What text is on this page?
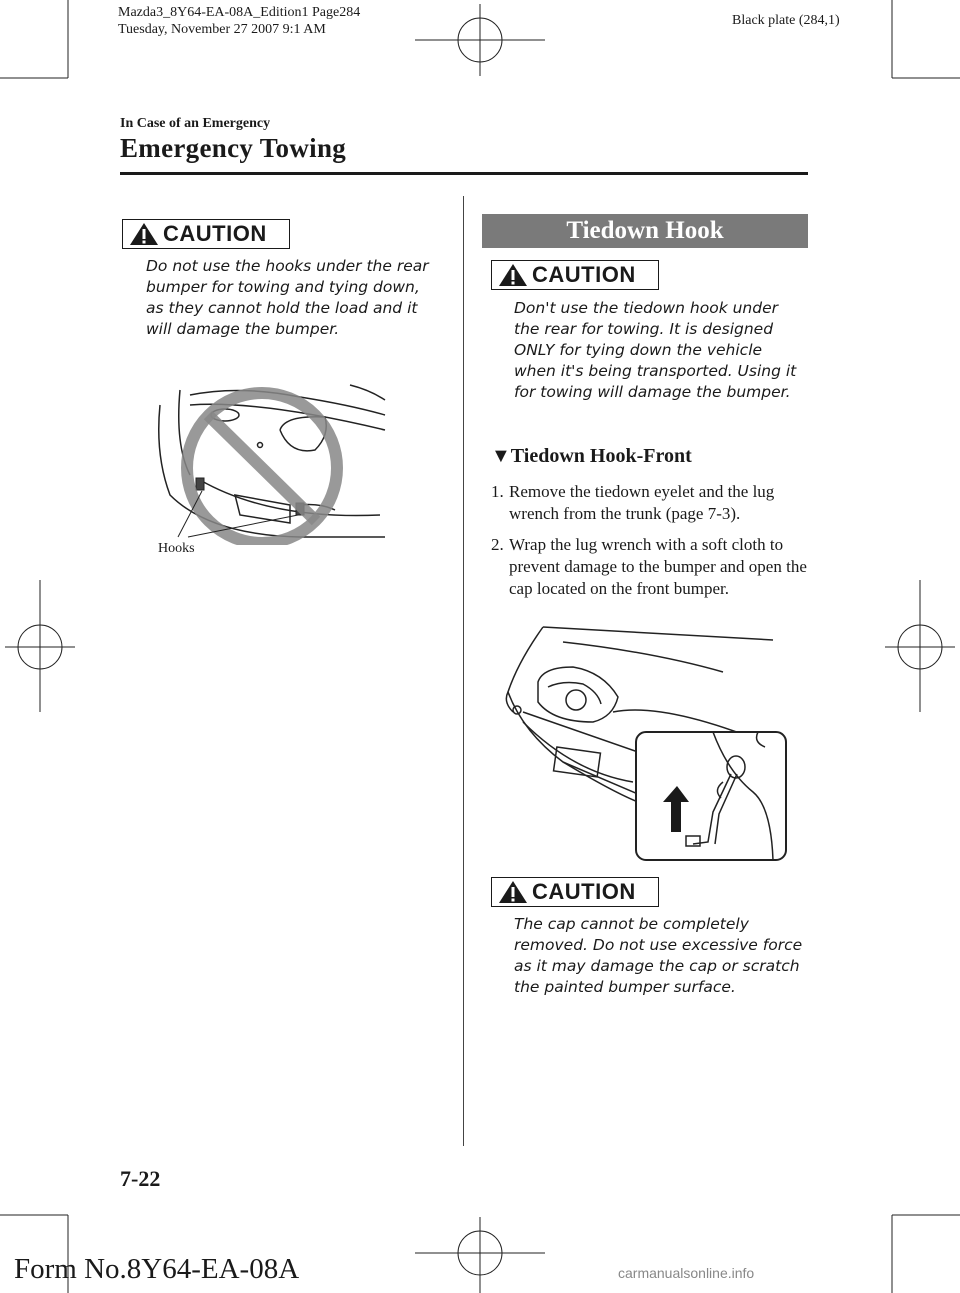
Mazda3_8Y64-EA-08A_Edition1 Page284
Tuesday, November 27 2007 9:1 AM
Black plate (284,1)
In Case of an Emergency
Emergency Towing
CAUTION
Do not use the hooks under the rear bumper for towing and tying down, as they cannot hold the load and it will damage the bumper.
Hooks
Tiedown Hook
CAUTION
Don't use the tiedown hook under the rear for towing. It is designed ONLY for tying down the vehicle when it's being transported. Using it for towing will damage the bumper.
▼Tiedown Hook-Front
1. Remove the tiedown eyelet and the lug wrench from the trunk (page 7-3).
2. Wrap the lug wrench with a soft cloth to prevent damage to the bumper and open the cap located on the front bumper.
CAUTION
The cap cannot be completely removed. Do not use excessive force as it may damage the cap or scratch the painted bumper surface.
7-22
Form No.8Y64-EA-08A	carmanualsonline.info
